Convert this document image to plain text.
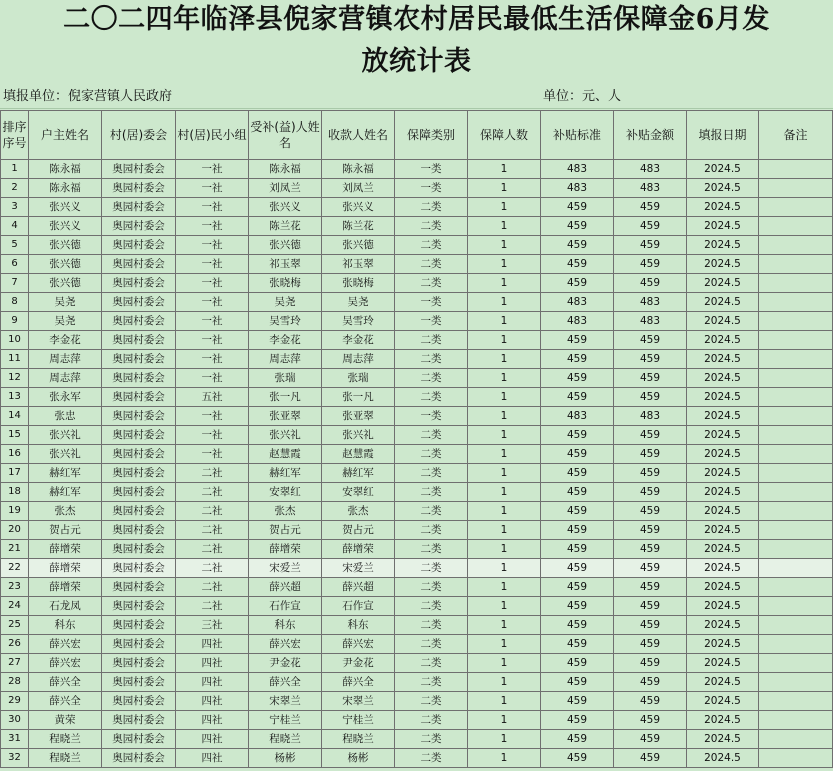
二〇二四年临泽县倪家营镇农村居民最低生活保障金6月发
放统计表
填报单位：倪家营镇人民政府	单位：元、人
排序序号	户主姓名	村(居)委会	村(居)民小组	受补(益)人姓名	收款人姓名	保障类别	保障人数	补贴标准	补贴金额	填报日期	备注
1	陈永福	奥园村委会	一社	陈永福	陈永福	一类	1	483	483	2024.5	
2	陈永福	奥园村委会	一社	刘凤兰	刘凤兰	一类	1	483	483	2024.5	
3	张兴义	奥园村委会	一社	张兴义	张兴义	二类	1	459	459	2024.5	
4	张兴义	奥园村委会	一社	陈兰花	陈兰花	二类	1	459	459	2024.5	
5	张兴德	奥园村委会	一社	张兴德	张兴德	二类	1	459	459	2024.5	
6	张兴德	奥园村委会	一社	祁玉翠	祁玉翠	二类	1	459	459	2024.5	
7	张兴德	奥园村委会	一社	张晓梅	张晓梅	二类	1	459	459	2024.5	
8	吴尧	奥园村委会	一社	吴尧	吴尧	一类	1	483	483	2024.5	
9	吴尧	奥园村委会	一社	吴雪玲	吴雪玲	一类	1	483	483	2024.5	
10	李金花	奥园村委会	一社	李金花	李金花	二类	1	459	459	2024.5	
11	周志萍	奥园村委会	一社	周志萍	周志萍	二类	1	459	459	2024.5	
12	周志萍	奥园村委会	一社	张瑞	张瑞	二类	1	459	459	2024.5	
13	张永军	奥园村委会	五社	张一凡	张一凡	二类	1	459	459	2024.5	
14	张忠	奥园村委会	一社	张亚翠	张亚翠	一类	1	483	483	2024.5	
15	张兴礼	奥园村委会	一社	张兴礼	张兴礼	二类	1	459	459	2024.5	
16	张兴礼	奥园村委会	一社	赵慧霞	赵慧霞	二类	1	459	459	2024.5	
17	赫红军	奥园村委会	二社	赫红军	赫红军	二类	1	459	459	2024.5	
18	赫红军	奥园村委会	二社	安翠红	安翠红	二类	1	459	459	2024.5	
19	张杰	奥园村委会	二社	张杰	张杰	二类	1	459	459	2024.5	
20	贺占元	奥园村委会	二社	贺占元	贺占元	二类	1	459	459	2024.5	
21	薛增荣	奥园村委会	二社	薛增荣	薛增荣	二类	1	459	459	2024.5	
22	薛增荣	奥园村委会	二社	宋爱兰	宋爱兰	二类	1	459	459	2024.5	
23	薛增荣	奥园村委会	二社	薛兴超	薛兴超	二类	1	459	459	2024.5	
24	石龙凤	奥园村委会	二社	石作宣	石作宣	二类	1	459	459	2024.5	
25	科东	奥园村委会	三社	科东	科东	二类	1	459	459	2024.5	
26	薛兴宏	奥园村委会	四社	薛兴宏	薛兴宏	二类	1	459	459	2024.5	
27	薛兴宏	奥园村委会	四社	尹金花	尹金花	二类	1	459	459	2024.5	
28	薛兴全	奥园村委会	四社	薛兴全	薛兴全	二类	1	459	459	2024.5	
29	薛兴全	奥园村委会	四社	宋翠兰	宋翠兰	二类	1	459	459	2024.5	
30	黄荣	奥园村委会	四社	宁桂兰	宁桂兰	二类	1	459	459	2024.5	
31	程晓兰	奥园村委会	四社	程晓兰	程晓兰	二类	1	459	459	2024.5	
32	程晓兰	奥园村委会	四社	杨彬	杨彬	二类	1	459	459	2024.5	
